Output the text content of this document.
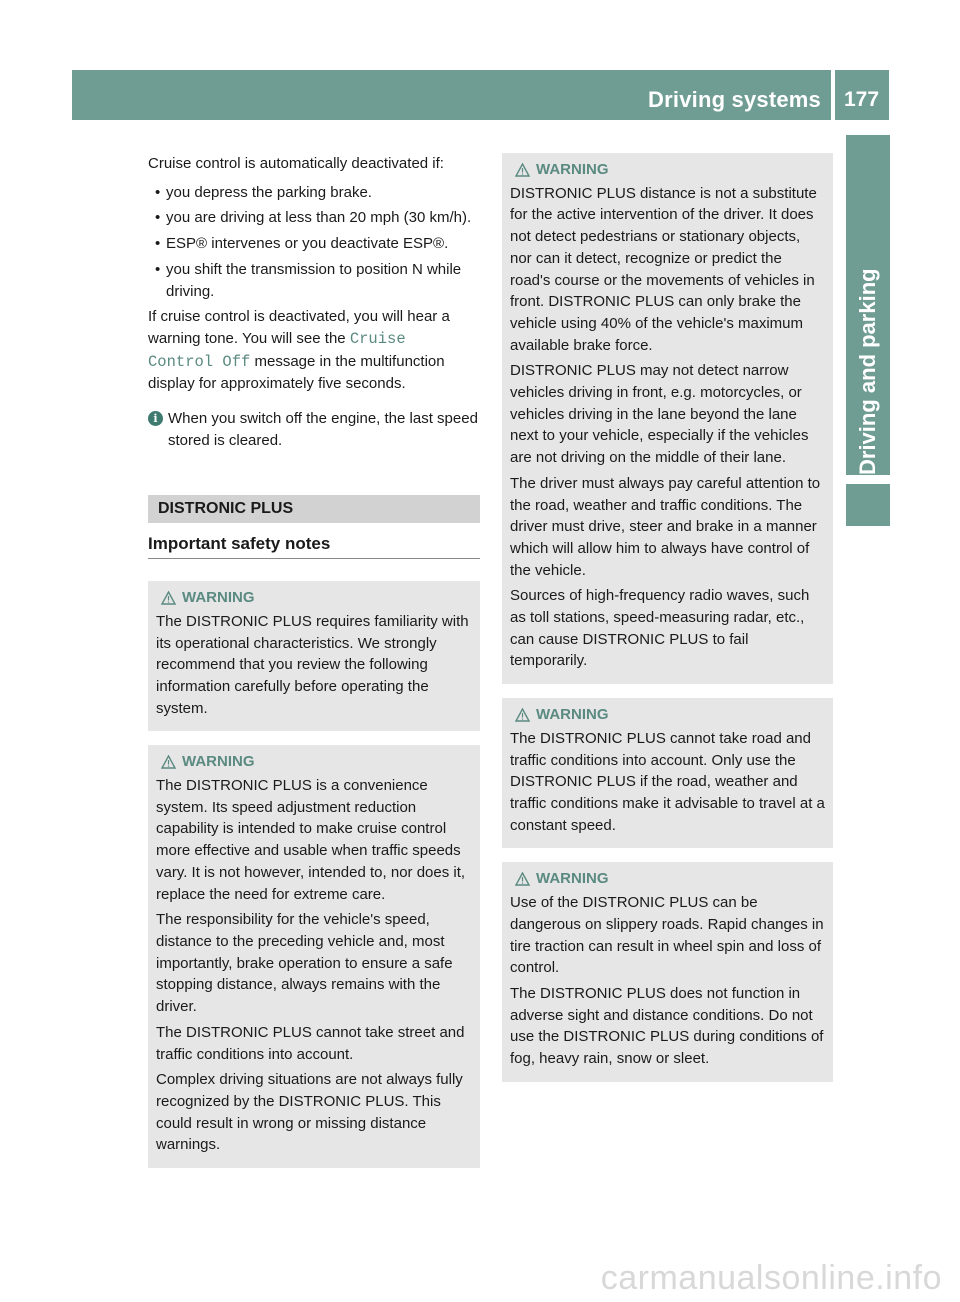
Driving systems 177
Driving and parking

Cruise control is automatically deactivated if:

• you depress the parking brake.
• you are driving at less than 20 mph (30 km/h).
• ESP® intervenes or you deactivate ESP®.
• you shift the transmission to position N while driving.

If cruise control is deactivated, you will hear a warning tone. You will see the Cruise Control Off message in the multifunction display for approximately five seconds.

i When you switch off the engine, the last speed stored is cleared.
DISTRONIC PLUS
Important safety notes
WARNING

The DISTRONIC PLUS requires familiarity with its operational characteristics. We strongly recommend that you review the following information carefully before operating the system.

WARNING

The DISTRONIC PLUS is a convenience system. Its speed adjustment reduction capability is intended to make cruise control more effective and usable when traffic speeds vary. It is not however, intended to, nor does it, replace the need for extreme care.

The responsibility for the vehicle's speed, distance to the preceding vehicle and, most importantly, brake operation to ensure a safe stopping distance, always remains with the driver.

The DISTRONIC PLUS cannot take street and traffic conditions into account.

Complex driving situations are not always fully recognized by the DISTRONIC PLUS. This could result in wrong or missing distance warnings.

WARNING

DISTRONIC PLUS distance is not a substitute for the active intervention of the driver. It does not detect pedestrians or stationary objects, nor can it detect, recognize or predict the road's course or the movements of vehicles in front. DISTRONIC PLUS can only brake the vehicle using 40% of the vehicle's maximum available brake force.

DISTRONIC PLUS may not detect narrow vehicles driving in front, e.g. motorcycles, or vehicles driving in the lane beyond the lane next to your vehicle, especially if the vehicles are not driving on the middle of their lane.

The driver must always pay careful attention to the road, weather and traffic conditions. The driver must drive, steer and brake in a manner which will allow him to always have control of the vehicle.

Sources of high-frequency radio waves, such as toll stations, speed-measuring radar, etc., can cause DISTRONIC PLUS to fail temporarily.

WARNING

The DISTRONIC PLUS cannot take road and traffic conditions into account. Only use the DISTRONIC PLUS if the road, weather and traffic conditions make it advisable to travel at a constant speed.

WARNING

Use of the DISTRONIC PLUS can be dangerous on slippery roads. Rapid changes in tire traction can result in wheel spin and loss of control.

The DISTRONIC PLUS does not function in adverse sight and distance conditions. Do not use the DISTRONIC PLUS during conditions of fog, heavy rain, snow or sleet.

carmanualsonline.info
